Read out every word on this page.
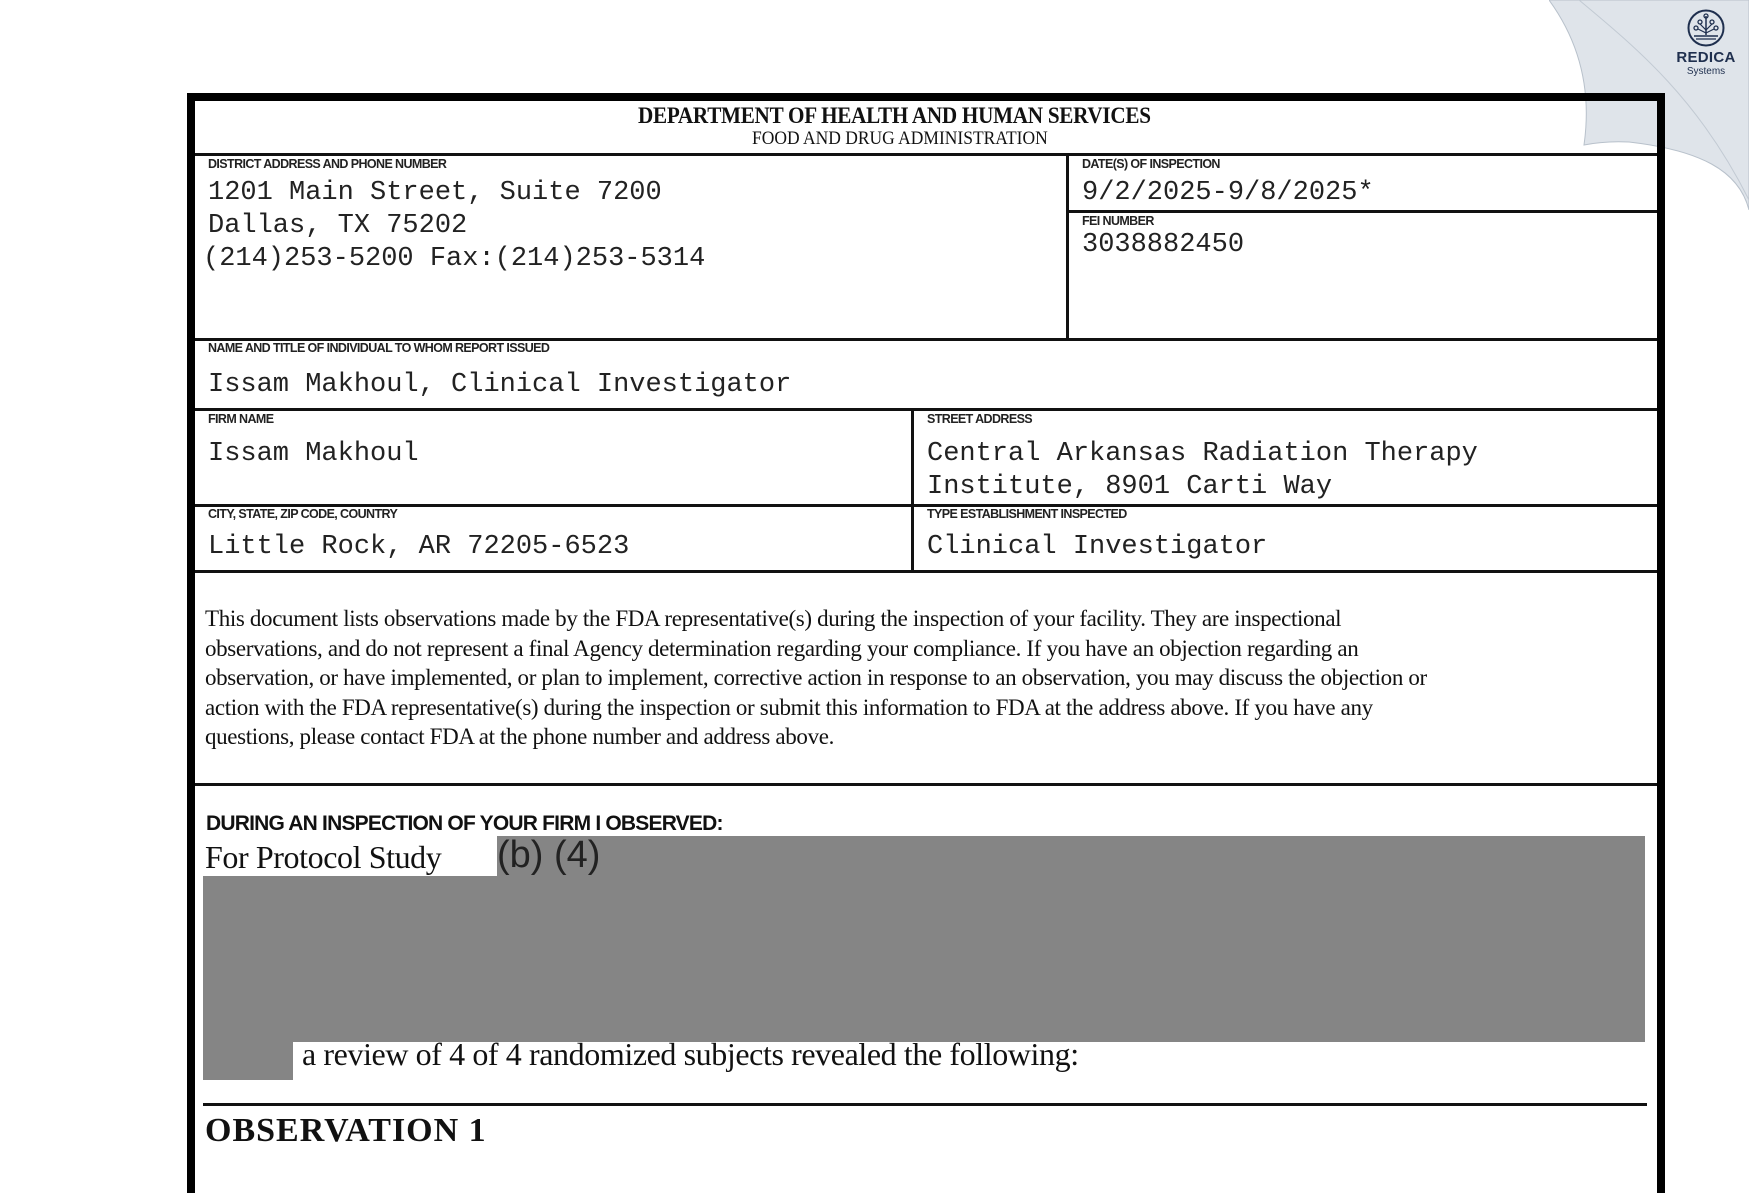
REDICA
Systems
DEPARTMENT OF HEALTH AND HUMAN SERVICES
FOOD AND DRUG ADMINISTRATION
DISTRICT ADDRESS AND PHONE NUMBER
1201 Main Street, Suite 7200
Dallas, TX 75202
(214)253-5200 Fax:(214)253-5314
DATE(S) OF INSPECTION
9/2/2025-9/8/2025*
FEI NUMBER
3038882450
NAME AND TITLE OF INDIVIDUAL TO WHOM REPORT ISSUED
Issam Makhoul, Clinical Investigator
FIRM NAME
Issam Makhoul
STREET ADDRESS
Central Arkansas Radiation Therapy
Institute, 8901 Carti Way
CITY, STATE, ZIP CODE, COUNTRY
Little Rock, AR 72205-6523
TYPE ESTABLISHMENT INSPECTED
Clinical Investigator
This document lists observations made by the FDA representative(s) during the inspection of your facility. They are inspectional
observations, and do not represent a final Agency determination regarding your compliance. If you have an objection regarding an
observation, or have implemented, or plan to implement, corrective action in response to an observation, you may discuss the objection or
action with the FDA representative(s) during the inspection or submit this information to FDA at the address above. If you have any
questions, please contact FDA at the phone number and address above.
DURING AN INSPECTION OF YOUR FIRM I OBSERVED:
For Protocol Study (b) (4)
a review of 4 of 4 randomized subjects revealed the following:
OBSERVATION 1
